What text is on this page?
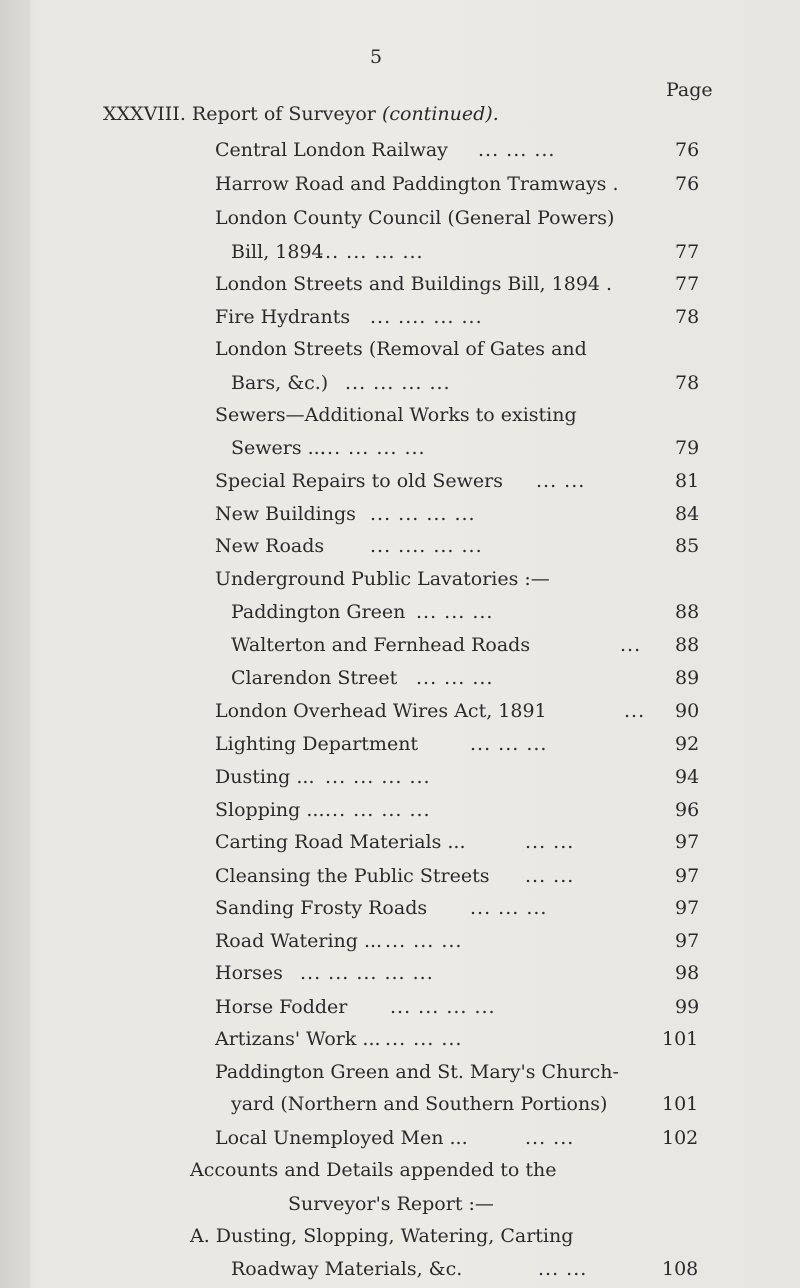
5
Page
XXXVIII. Report of Surveyor (continued).
Central London Railway ... ... ...	76
Harrow Road and Paddington Tramways .	76
London County Council (General Powers)
Bill, 1894
... ... ... ...	77
London Streets and Buildings Bill, 1894 .	77
Fire Hydrants ... .... ... ...	78
London Streets (Removal of Gates and
Bars, &c.) ... ... ... ...	78
Sewers—Additional Works to existing
Sewers ...
... ... ... ...	79
Special Repairs to old Sewers ... ...	81
New Buildings ... ... ... ...	84
New Roads ... .... ... ...	85
Underground Public Lavatories :—
Paddington Green ... ... ...	88
Walterton and Fernhead Roads	... 88
Clarendon Street ... ... ...	89
London Overhead Wires Act, 1891	... 90
Lighting Department	... ... ...	92
Dusting ... ... ... ... ...	94
Slopping ... ... ... ... ...	96
Carting Road Materials ...	... ...	97
Cleansing the Public Streets ... ...	97
Sanding Frosty Roads ... ... ...	97
Road Watering ... ... ... ...	97
Horses ... ... ... ... ...	98
Horse Fodder ... ... ... ...	99
Artizans' Work ... ... ... ...	101
Paddington Green and St. Mary's Church-
yard (Northern and Southern Portions)	101
Local Unemployed Men ...	... ...	102
Accounts and Details appended to the
Surveyor's Report :—
A. Dusting, Slopping, Watering, Carting
Roadway Materials, &c.	... ...	108
